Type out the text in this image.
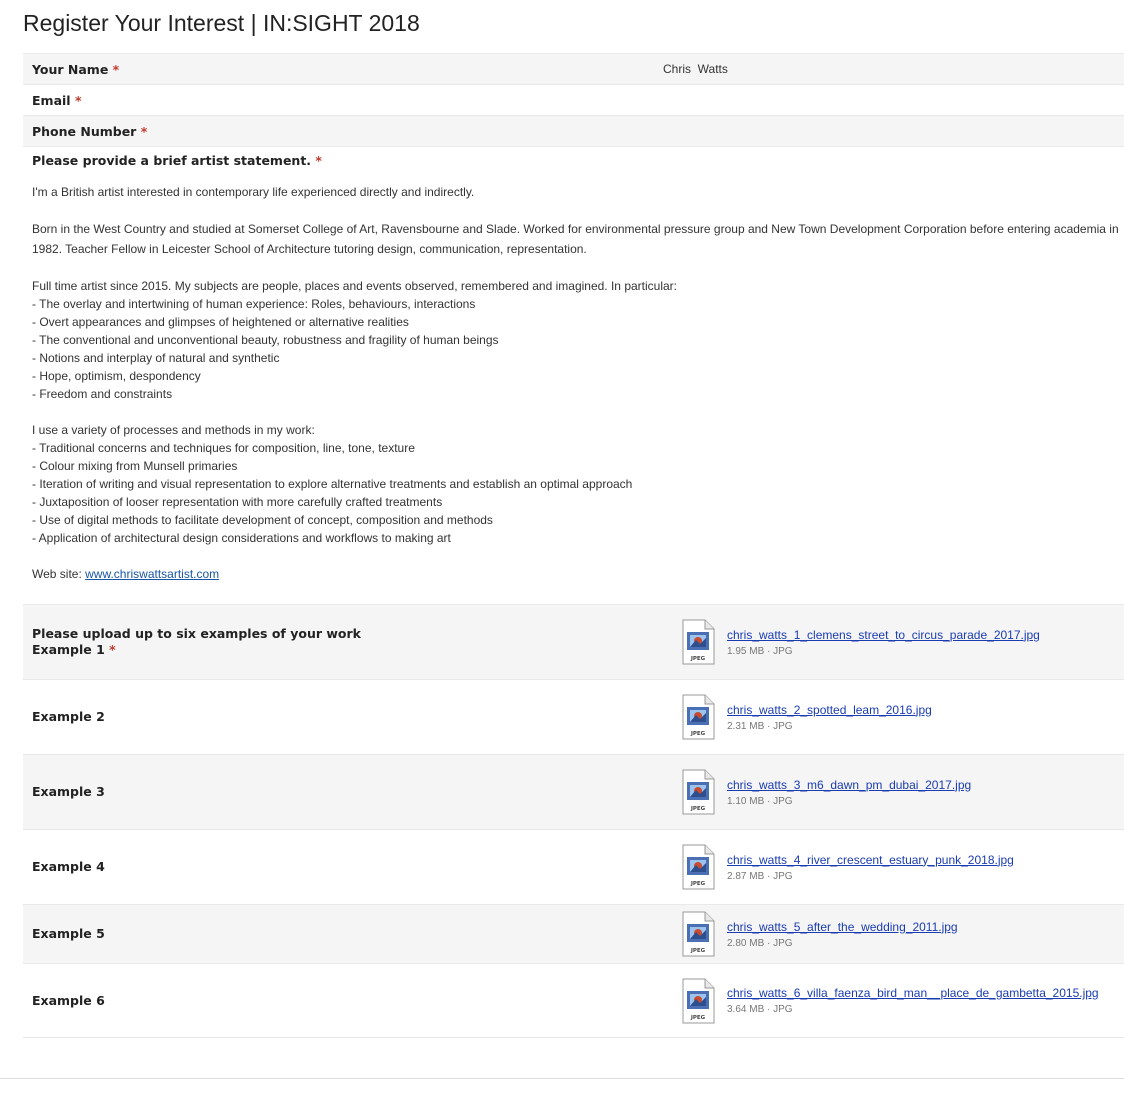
Register Your Interest | IN:SIGHT 2018
Your Name *	Chris  Watts
Email *
Phone Number *
Please provide a brief artist statement. *

I'm a British artist interested in contemporary life experienced directly and indirectly.

Born in the West Country and studied at Somerset College of Art, Ravensbourne and Slade. Worked for environmental pressure group and New Town Development Corporation before entering academia in 1982. Teacher Fellow in Leicester School of Architecture tutoring design, communication, representation.

Full time artist since 2015. My subjects are people, places and events observed, remembered and imagined. In particular:

- The overlay and intertwining of human experience: Roles, behaviours, interactions
- Overt appearances and glimpses of heightened or alternative realities
- The conventional and unconventional beauty, robustness and fragility of human beings
- Notions and interplay of natural and synthetic
- Hope, optimism, despondency
- Freedom and constraints

I use a variety of processes and methods in my work:

- Traditional concerns and techniques for composition, line, tone, texture
- Colour mixing from Munsell primaries
- Iteration of writing and visual representation to explore alternative treatments and establish an optimal approach
- Juxtaposition of looser representation with more carefully crafted treatments
- Use of digital methods to facilitate development of concept, composition and methods
- Application of architectural design considerations and workflows to making art

Web site: www.chriswattsartist.com

Please upload up to six examples of your work
Example 1 *
JPEG
chris_watts_1_clemens_street_to_circus_parade_2017.jpg
1.95 MB · JPG
Example 2
JPEG
chris_watts_2_spotted_leam_2016.jpg
2.31 MB · JPG
Example 3
JPEG
chris_watts_3_m6_dawn_pm_dubai_2017.jpg
1.10 MB · JPG
Example 4
JPEG
chris_watts_4_river_crescent_estuary_punk_2018.jpg
2.87 MB · JPG
Example 5
JPEG
chris_watts_5_after_the_wedding_2011.jpg
2.80 MB · JPG
Example 6
JPEG
chris_watts_6_villa_faenza_bird_man__place_de_gambetta_2015.jpg
3.64 MB · JPG
